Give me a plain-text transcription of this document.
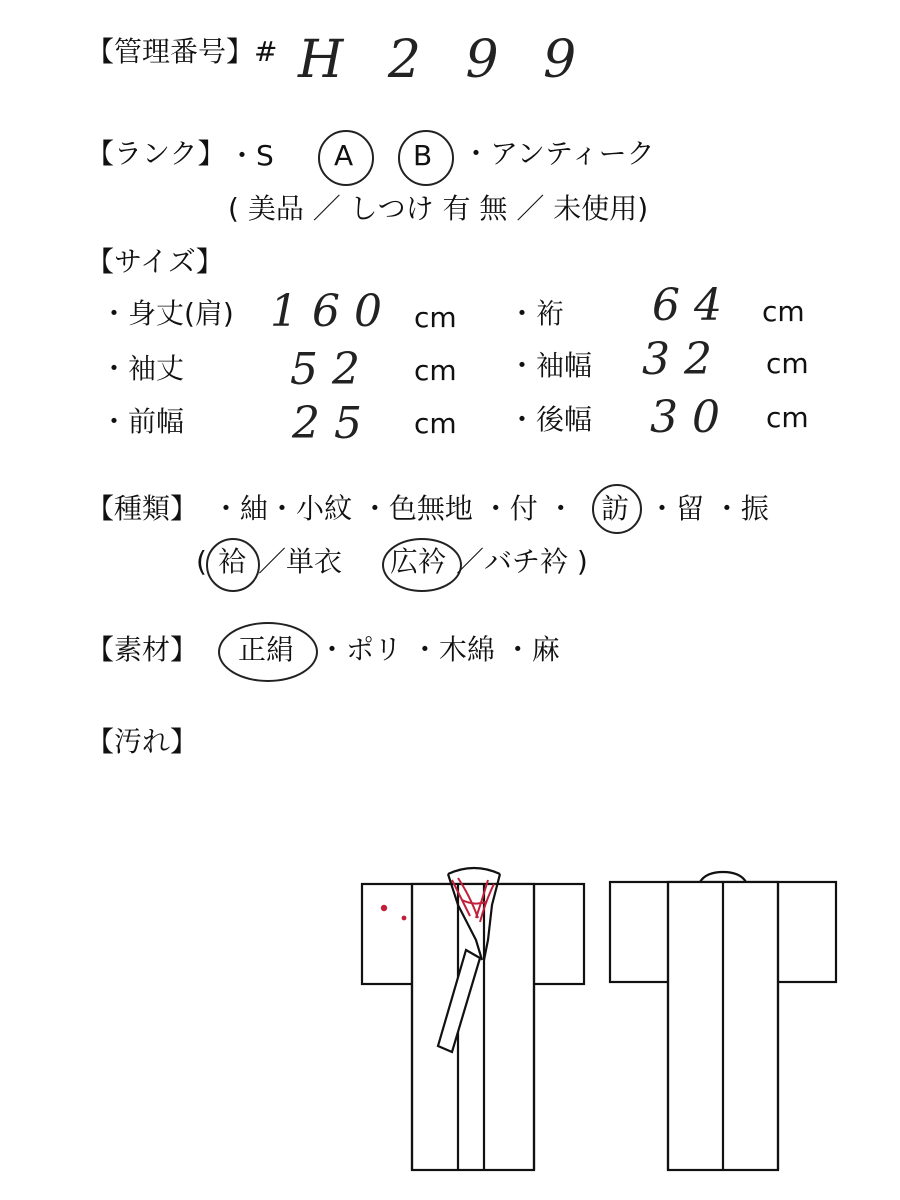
【管理番号】# H 2 9 9
【ランク】 ・S A B ・アンティーク
( 美品 ／ しつけ 有 無 ／ 未使用)
【サイズ】
・身丈(肩) 160 cm ・裄 64 cm
・袖丈 52 cm ・袖幅 32 cm
・前幅 25 cm ・後幅 30 cm
【種類】 ・紬・小紋 ・色無地 ・付 ・ 訪 ・留 ・振
( 袷 ／単衣 広衿 ／バチ衿 )
【素材】 正絹 ・ポリ ・木綿 ・麻
【汚れ】
